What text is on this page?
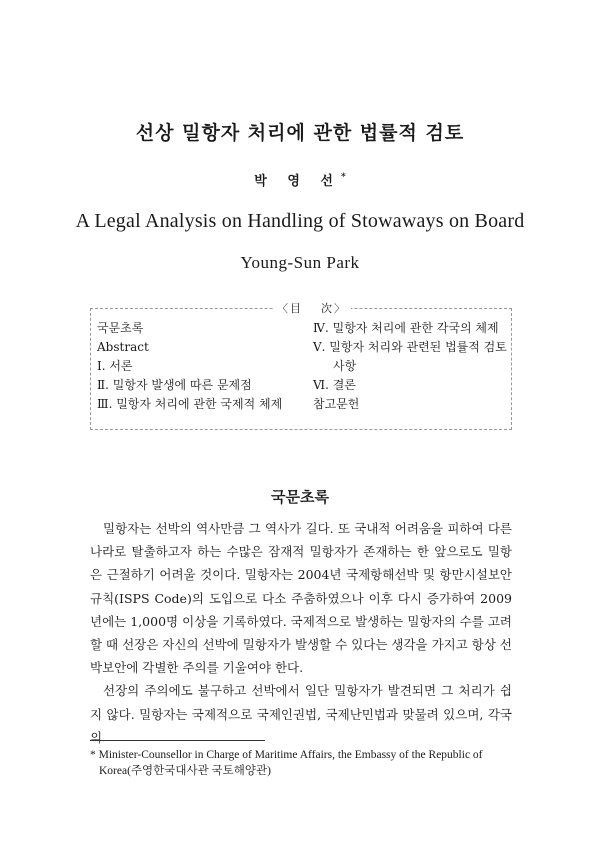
선상 밀항자 처리에 관한 법률적 검토
박 영 선*
A Legal Analysis on Handling of Stowaways on Board
Young-Sun Park
〈目 次〉
국문초록
Abstract
Ⅰ. 서론
Ⅱ. 밀항자 발생에 따른 문제점
Ⅲ. 밀항자 처리에 관한 국제적 체제
Ⅳ. 밀항자 처리에 관한 각국의 체제
Ⅴ. 밀항자 처리와 관련된 법률적 검토사항
Ⅵ. 결론
참고문헌
국문초록

밀항자는 선박의 역사만큼 그 역사가 길다. 또 국내적 어려움을 피하여 다른 나라로 탈출하고자 하는 수많은 잠재적 밀항자가 존재하는 한 앞으로도 밀항은 근절하기 어려울 것이다. 밀항자는 2004년 국제항해선박 및 항만시설보안규칙(ISPS Code)의 도입으로 다소 주춤하였으나 이후 다시 증가하여 2009년에는 1,000명 이상을 기록하였다. 국제적으로 발생하는 밀항자의 수를 고려할 때 선장은 자신의 선박에 밀항자가 발생할 수 있다는 생각을 가지고 항상 선박보안에 각별한 주의를 기울여야 한다.

선장의 주의에도 불구하고 선박에서 일단 밀항자가 발견되면 그 처리가 쉽지 않다. 밀항자는 국제적으로 국제인권법, 국제난민법과 맞물려 있으며, 각국의

* Minister-Counsellor in Charge of Maritime Affairs, the Embassy of the Republic of
Korea(주영한국대사관 국토해양관)
